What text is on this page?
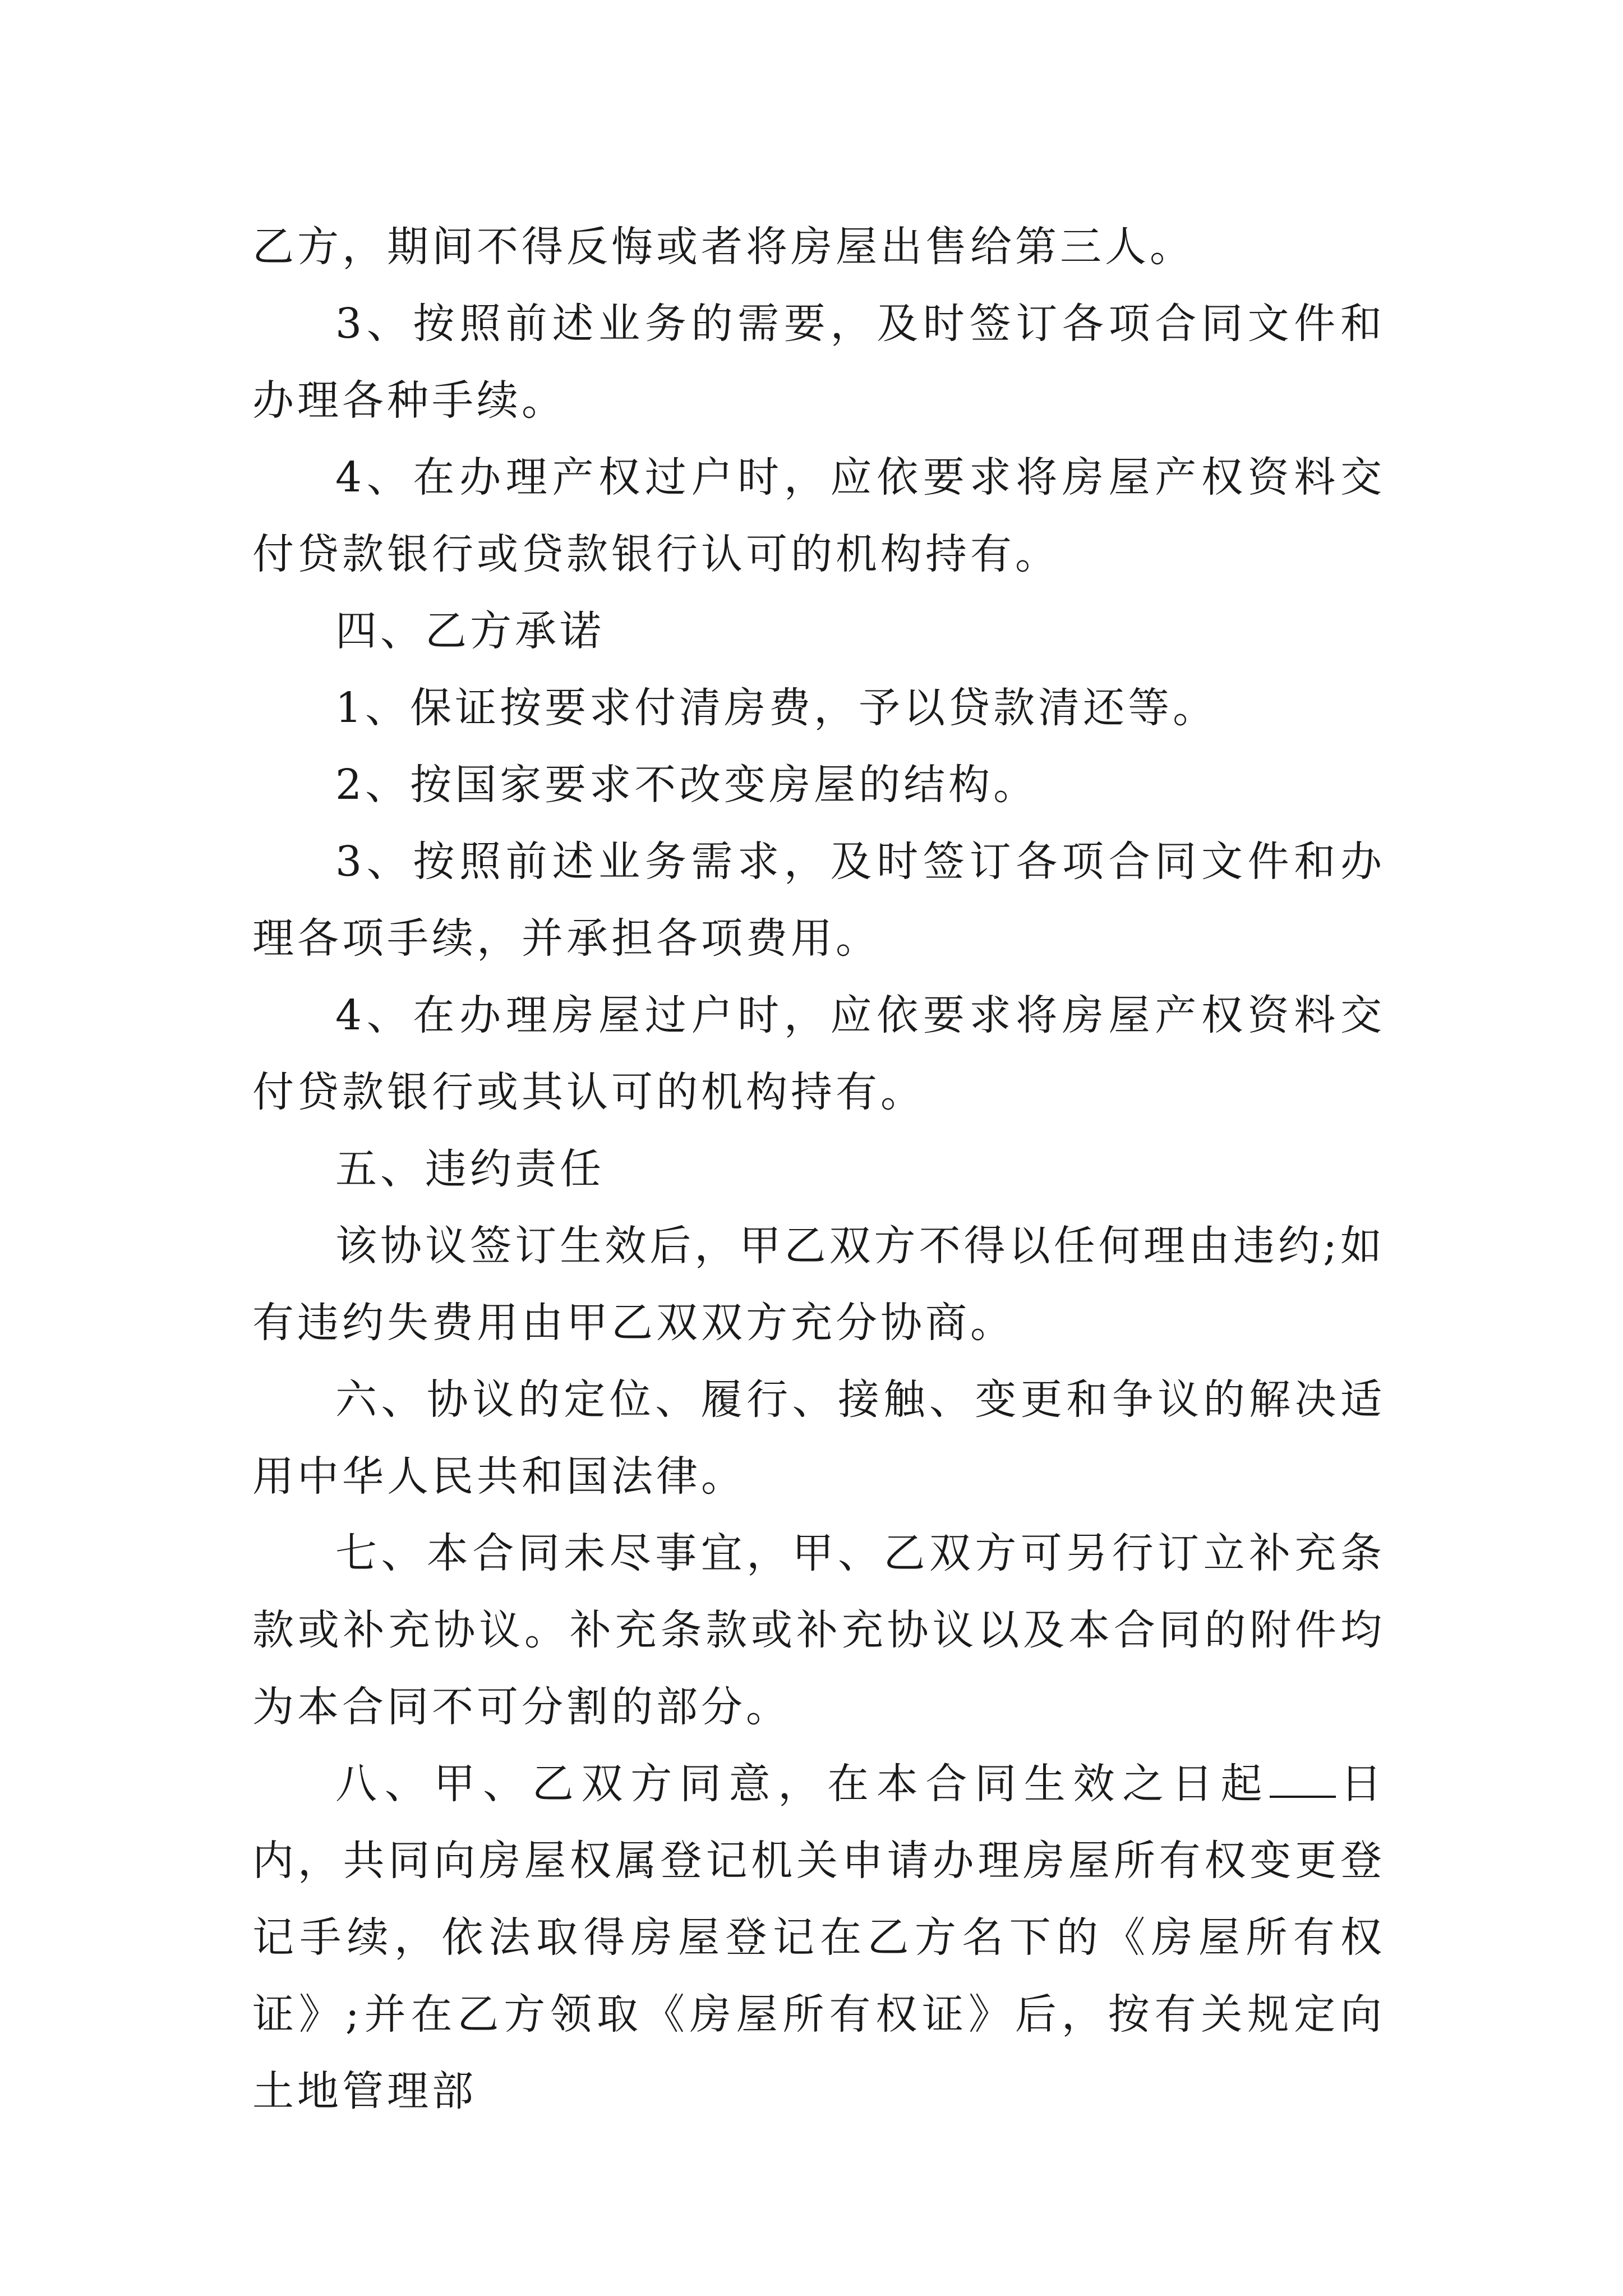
乙方，期间不得反悔或者将房屋出售给第三人。

3、按照前述业务的需要，及时签订各项合同文件和办理各种手续。

4、在办理产权过户时，应依要求将房屋产权资料交付贷款银行或贷款银行认可的机构持有。

四、乙方承诺

1、保证按要求付清房费，予以贷款清还等。

2、按国家要求不改变房屋的结构。

3、按照前述业务需求，及时签订各项合同文件和办理各项手续，并承担各项费用。

4、在办理房屋过户时，应依要求将房屋产权资料交付贷款银行或其认可的机构持有。

五、违约责任

该协议签订生效后，甲乙双方不得以任何理由违约;如有违约失费用由甲乙双双方充分协商。

六、协议的定位、履行、接触、变更和争议的解决适用中华人民共和国法律。

七、本合同未尽事宜，甲、乙双方可另行订立补充条款或补充协议。补充条款或补充协议以及本合同的附件均为本合同不可分割的部分。

八、甲、乙双方同意，在本合同生效之日起 日内，共同向房屋权属登记机关申请办理房屋所有权变更登记手续，依法取得房屋登记在乙方名下的《房屋所有权证》;并在乙方领取《房屋所有权证》后，按有关规定向土地管理部
